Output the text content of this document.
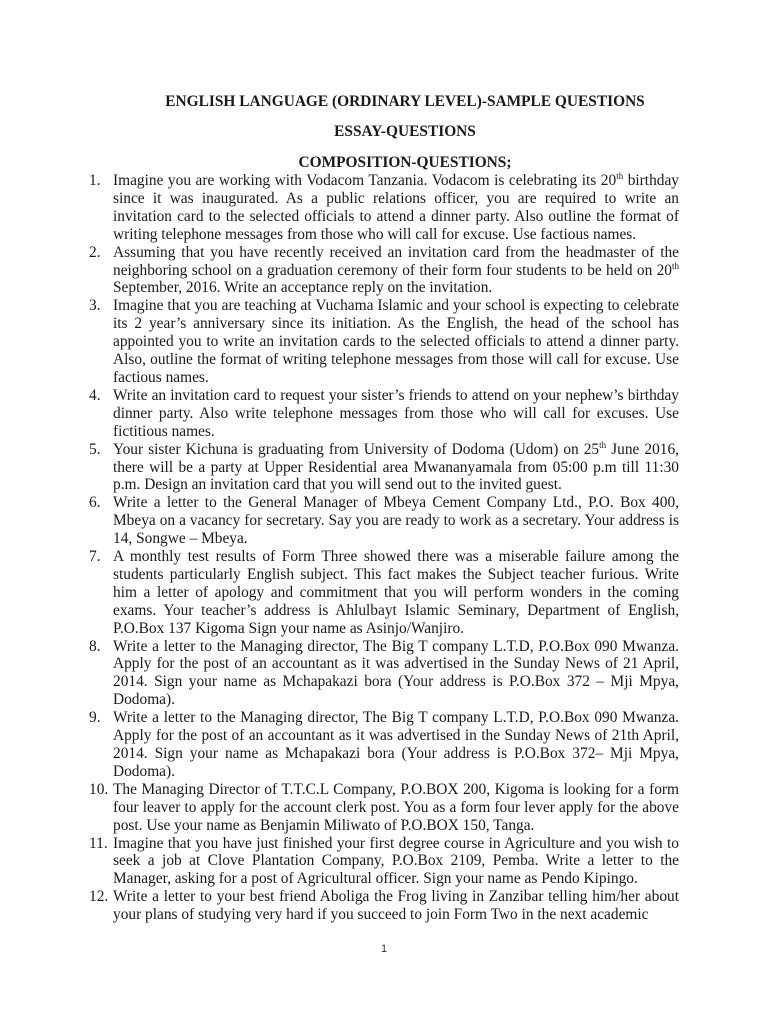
ENGLISH LANGUAGE (ORDINARY LEVEL)-SAMPLE QUESTIONS
ESSAY-QUESTIONS
COMPOSITION-QUESTIONS;
1. Imagine you are working with Vodacom Tanzania. Vodacom is celebrating its 20th birthday since it was inaugurated. As a public relations officer, you are required to write an invitation card to the selected officials to attend a dinner party. Also outline the format of writing telephone messages from those who will call for excuse. Use factious names.
2. Assuming that you have recently received an invitation card from the headmaster of the neighboring school on a graduation ceremony of their form four students to be held on 20th September, 2016. Write an acceptance reply on the invitation.
3. Imagine that you are teaching at Vuchama Islamic and your school is expecting to celebrate its 2 year’s anniversary since its initiation. As the English, the head of the school has appointed you to write an invitation cards to the selected officials to attend a dinner party. Also, outline the format of writing telephone messages from those will call for excuse. Use factious names.
4. Write an invitation card to request your sister’s friends to attend on your nephew’s birthday dinner party. Also write telephone messages from those who will call for excuses. Use fictitious names.
5. Your sister Kichuna is graduating from University of Dodoma (Udom) on 25th June 2016, there will be a party at Upper Residential area Mwananyamala from 05:00 p.m till 11:30 p.m. Design an invitation card that you will send out to the invited guest.
6. Write a letter to the General Manager of Mbeya Cement Company Ltd., P.O. Box 400, Mbeya on a vacancy for secretary. Say you are ready to work as a secretary. Your address is 14, Songwe – Mbeya.
7. A monthly test results of Form Three showed there was a miserable failure among the students particularly English subject. This fact makes the Subject teacher furious. Write him a letter of apology and commitment that you will perform wonders in the coming exams. Your teacher’s address is Ahlulbayt Islamic Seminary, Department of English, P.O.Box 137 Kigoma Sign your name as Asinjo/Wanjiro.
8. Write a letter to the Managing director, The Big T company L.T.D, P.O.Box 090 Mwanza. Apply for the post of an accountant as it was advertised in the Sunday News of 21 April, 2014. Sign your name as Mchapakazi bora (Your address is P.O.Box 372 – Mji Mpya, Dodoma).
9. Write a letter to the Managing director, The Big T company L.T.D, P.O.Box 090 Mwanza. Apply for the post of an accountant as it was advertised in the Sunday News of 21th April, 2014. Sign your name as Mchapakazi bora (Your address is P.O.Box 372– Mji Mpya, Dodoma).
10. The Managing Director of T.T.C.L Company, P.O.BOX 200, Kigoma is looking for a form four leaver to apply for the account clerk post. You as a form four lever apply for the above post. Use your name as Benjamin Miliwato of P.O.BOX 150, Tanga.
11. Imagine that you have just finished your first degree course in Agriculture and you wish to seek a job at Clove Plantation Company, P.O.Box 2109, Pemba. Write a letter to the Manager, asking for a post of Agricultural officer. Sign your name as Pendo Kipingo.
12. Write a letter to your best friend Aboliga the Frog living in Zanzibar telling him/her about your plans of studying very hard if you succeed to join Form Two in the next academic
1
